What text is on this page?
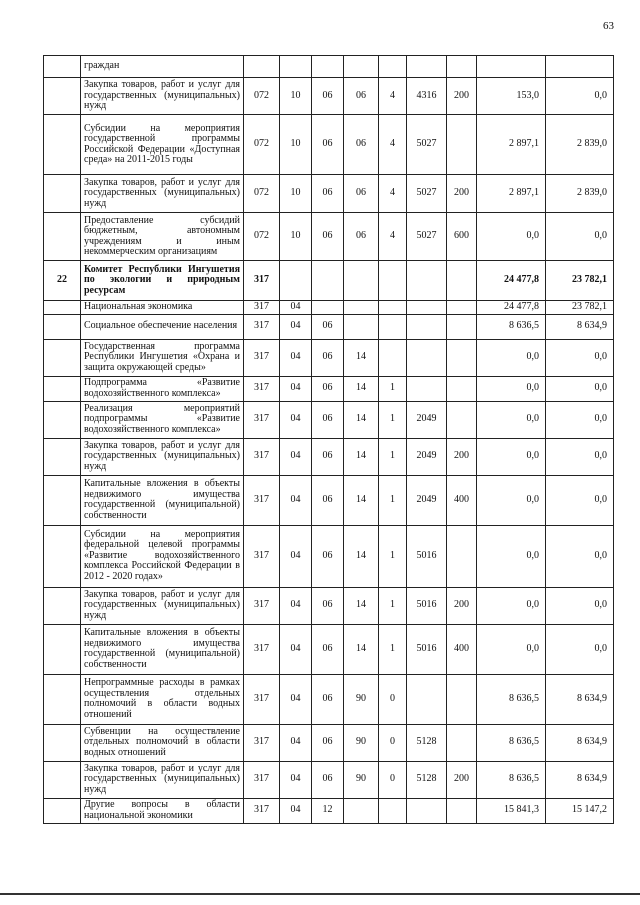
63
	граждан									
	Закупка товаров, работ и услуг для государственных (муниципальных) нужд	072	10	06	06	4	4316	200	153,0	0,0
	Субсидии на мероприятия государственной программы Российской Федерации «Доступная среда» на 2011-2015 годы	072	10	06	06	4	5027		2 897,1	2 839,0
	Закупка товаров, работ и услуг для государственных (муниципальных) нужд	072	10	06	06	4	5027	200	2 897,1	2 839,0
	Предоставление субсидий бюджетным, автономным учреждениям и иным некоммерческим организациям	072	10	06	06	4	5027	600	0,0	0,0
22	Комитет Республики Ингушетия по экологии и природным ресурсам	317							24 477,8	23 782,1
	Национальная экономика	317	04						24 477,8	23 782,1
	Социальное обеспечение населения	317	04	06					8 636,5	8 634,9
	Государственная программа Республики Ингушетия «Охрана и защита окружающей среды»	317	04	06	14				0,0	0,0
	Подпрограмма «Развитие водохозяйственного комплекса»	317	04	06	14	1			0,0	0,0
	Реализация мероприятий подпрограммы «Развитие водохозяйственного комплекса»	317	04	06	14	1	2049		0,0	0,0
	Закупка товаров, работ и услуг для государственных (муниципальных) нужд	317	04	06	14	1	2049	200	0,0	0,0
	Капитальные вложения в объекты недвижимого имущества государственной (муниципальной) собственности	317	04	06	14	1	2049	400	0,0	0,0
	Субсидии на мероприятия федеральной целевой программы «Развитие водохозяйственного комплекса Российской Федерации в 2012 - 2020 годах»	317	04	06	14	1	5016		0,0	0,0
	Закупка товаров, работ и услуг для государственных (муниципальных) нужд	317	04	06	14	1	5016	200	0,0	0,0
	Капитальные вложения в объекты недвижимого имущества государственной (муниципальной) собственности	317	04	06	14	1	5016	400	0,0	0,0
	Непрограммные расходы в рамках осуществления отдельных полномочий в области водных отношений	317	04	06	90	0			8 636,5	8 634,9
	Субвенции на осуществление отдельных полномочий в области водных отношений	317	04	06	90	0	5128		8 636,5	8 634,9
	Закупка товаров, работ и услуг для государственных (муниципальных) нужд	317	04	06	90	0	5128	200	8 636,5	8 634,9
	Другие вопросы в области национальной экономики	317	04	12					15 841,3	15 147,2
